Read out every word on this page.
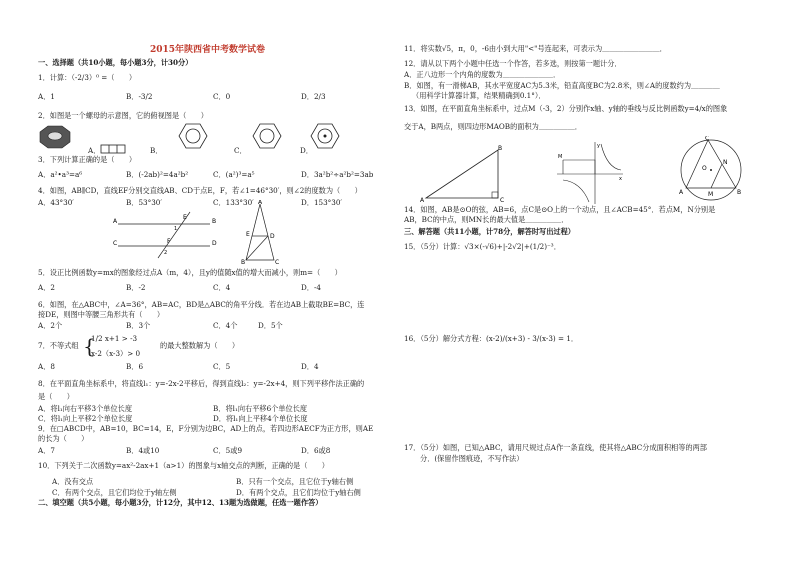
2015年陕西省中考数学试卷
一、选择题（共10小题，每小题3分，计30分）
1．计算：（-2/3）⁰ =（　　）
A．1	B．-3/2	C．0	D．2/3
2．如图是一个螺母的示意图，它的俯视图是（　　）
A．	B．	C．	D．
3．下列计算正确的是（　　）
A．a²•a³=a⁶	B．(-2ab)²=4a²b²	C．(a²)³=a⁵	D．3a²b²÷a²b²=3ab
4．如图，AB∥CD，直线EF分别交直线AB、CD于点E，F，若∠1=46°30′，则∠2的度数为（　　）
A．43°30′	B．53°30′	C．133°30′	D．153°30′
A	B
C	D
E
F
1
2
A
B	C
D
E
5．设正比例函数y=mx的图象经过点A（m，4），且y的值随x值的增大而减小，则m=（　　）
A．2	B．-2	C．4	D．-4
6．如图，在△ABC中，∠A=36°，AB=AC，BD是△ABC的角平分线．若在边AB上截取BE=BC，连
接DE，则图中等腰三角形共有（　　）
A．2个	B．3个	C．4个	D．5个
7．不等式组 {
1/2 x+1 > -3
x-2（x-3）> 0
的最大整数解为（　　）
A．8	B．6	C．5	D．4
8．在平面直角坐标系中，将直线l₁：y=-2x-2平移后，得到直线l₂：y=-2x+4，则下列平移作法正确的
是（　　）
A．将l₁向右平移3个单位长度	B．将l₁向右平移6个单位长度
C．将l₁向上平移2个单位长度	D．将l₁向上平移4个单位长度
9．在□ABCD中，AB=10，BC=14，E，F分别为边BC，AD上的点，若四边形AECF为正方形，则AE
的长为（　　）
A．7	B．4或10	C．5或9	D．6或8
10．下列关于二次函数y=ax²-2ax+1（a>1）的图象与x轴交点的判断，正确的是（　　）
A．没有交点	B．只有一个交点，且它位于y轴右侧
C．有两个交点，且它们均位于y轴左侧	D．有两个交点，且它们均位于y轴右侧
二、填空题（共5小题，每小题3分，计12分，其中12、13题为选做题，任选一题作答）
11．将实数√5，π，0，-6由小到大用"<"号连起来，可表示为＿＿＿＿＿＿＿＿．
12．请从以下两个小题中任选一个作答，若多选，则按第一题计分．
A．正八边形一个内角的度数为＿＿＿＿＿＿＿．
B．如图，有一滑梯AB，其水平宽度AC为5.3米，铅直高度BC为2.8米，则∠A的度数约为＿＿＿＿
（用科学计算器计算，结果精确到0.1°）．
13．如图，在平面直角坐标系中，过点M（-3，2）分别作x轴、y轴的垂线与反比例函数y=4/x的图象
交于A，B两点，则四边形MAOB的面积为＿＿＿＿＿．
A
B
C
M
x
y
C
A	B
O
M
N
14．如图，AB是⊙O的弦，AB=6，点C是⊙O上的一个动点，且∠ACB=45°．若点M，N分别是
AB，BC的中点，则MN长的最大值是＿＿＿＿＿．
三、解答题（共11小题，计78分，解答时写出过程）
15．（5分）计算：√3×(-√6)+|-2√2|+(1/2)⁻³．
16．（5分）解分式方程：(x-2)/(x+3) - 3/(x-3) = 1．
17．（5分）如图，已知△ABC，请用尺规过点A作一条直线，使其将△ABC分成面积相等的两部
分．(保留作图痕迹，不写作法）
